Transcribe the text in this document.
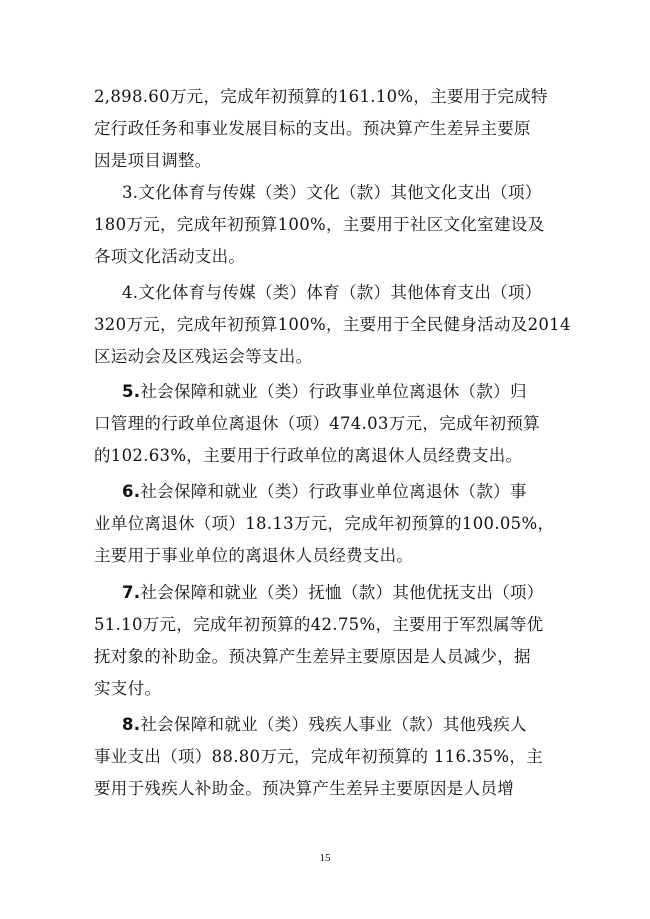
2,898.60万元，完成年初预算的161.10%，主要用于完成特
定行政任务和事业发展目标的支出。预决算产生差异主要原
因是项目调整。
3.文化体育与传媒（类）文化（款）其他文化支出（项）
180万元，完成年初预算100%，主要用于社区文化室建设及
各项文化活动支出。
4.文化体育与传媒（类）体育（款）其他体育支出（项）
320万元，完成年初预算100%，主要用于全民健身活动及2014
区运动会及区残运会等支出。
5.社会保障和就业（类）行政事业单位离退休（款）归
口管理的行政单位离退休（项）474.03万元，完成年初预算
的102.63%，主要用于行政单位的离退休人员经费支出。
6.社会保障和就业（类）行政事业单位离退休（款）事
业单位离退休（项）18.13万元，完成年初预算的100.05%，
主要用于事业单位的离退休人员经费支出。
7.社会保障和就业（类）抚恤（款）其他优抚支出（项）
51.10万元，完成年初预算的42.75%，主要用于军烈属等优
抚对象的补助金。预决算产生差异主要原因是人员减少，据
实支付。
8.社会保障和就业（类）残疾人事业（款）其他残疾人
事业支出（项）88.80万元，完成年初预算的 116.35%，主
要用于残疾人补助金。预决算产生差异主要原因是人员增
15
